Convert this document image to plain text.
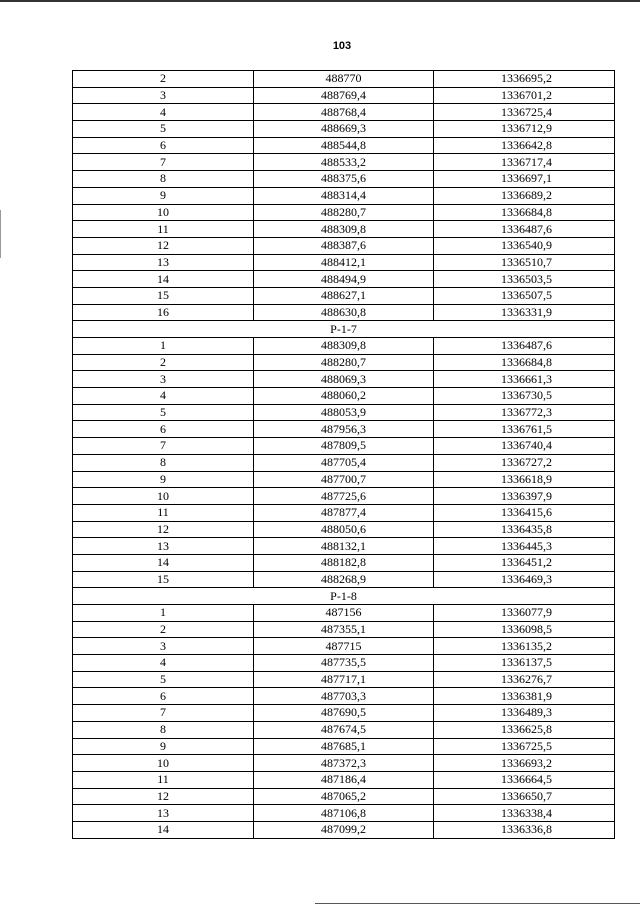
103
2	488770	1336695,2
3	488769,4	1336701,2
4	488768,4	1336725,4
5	488669,3	1336712,9
6	488544,8	1336642,8
7	488533,2	1336717,4
8	488375,6	1336697,1
9	488314,4	1336689,2
10	488280,7	1336684,8
11	488309,8	1336487,6
12	488387,6	1336540,9
13	488412,1	1336510,7
14	488494,9	1336503,5
15	488627,1	1336507,5
16	488630,8	1336331,9
Р-1-7		
1	488309,8	1336487,6
2	488280,7	1336684,8
3	488069,3	1336661,3
4	488060,2	1336730,5
5	488053,9	1336772,3
6	487956,3	1336761,5
7	487809,5	1336740,4
8	487705,4	1336727,2
9	487700,7	1336618,9
10	487725,6	1336397,9
11	487877,4	1336415,6
12	488050,6	1336435,8
13	488132,1	1336445,3
14	488182,8	1336451,2
15	488268,9	1336469,3
Р-1-8		
1	487156	1336077,9
2	487355,1	1336098,5
3	487715	1336135,2
4	487735,5	1336137,5
5	487717,1	1336276,7
6	487703,3	1336381,9
7	487690,5	1336489,3
8	487674,5	1336625,8
9	487685,1	1336725,5
10	487372,3	1336693,2
11	487186,4	1336664,5
12	487065,2	1336650,7
13	487106,8	1336338,4
14	487099,2	1336336,8
